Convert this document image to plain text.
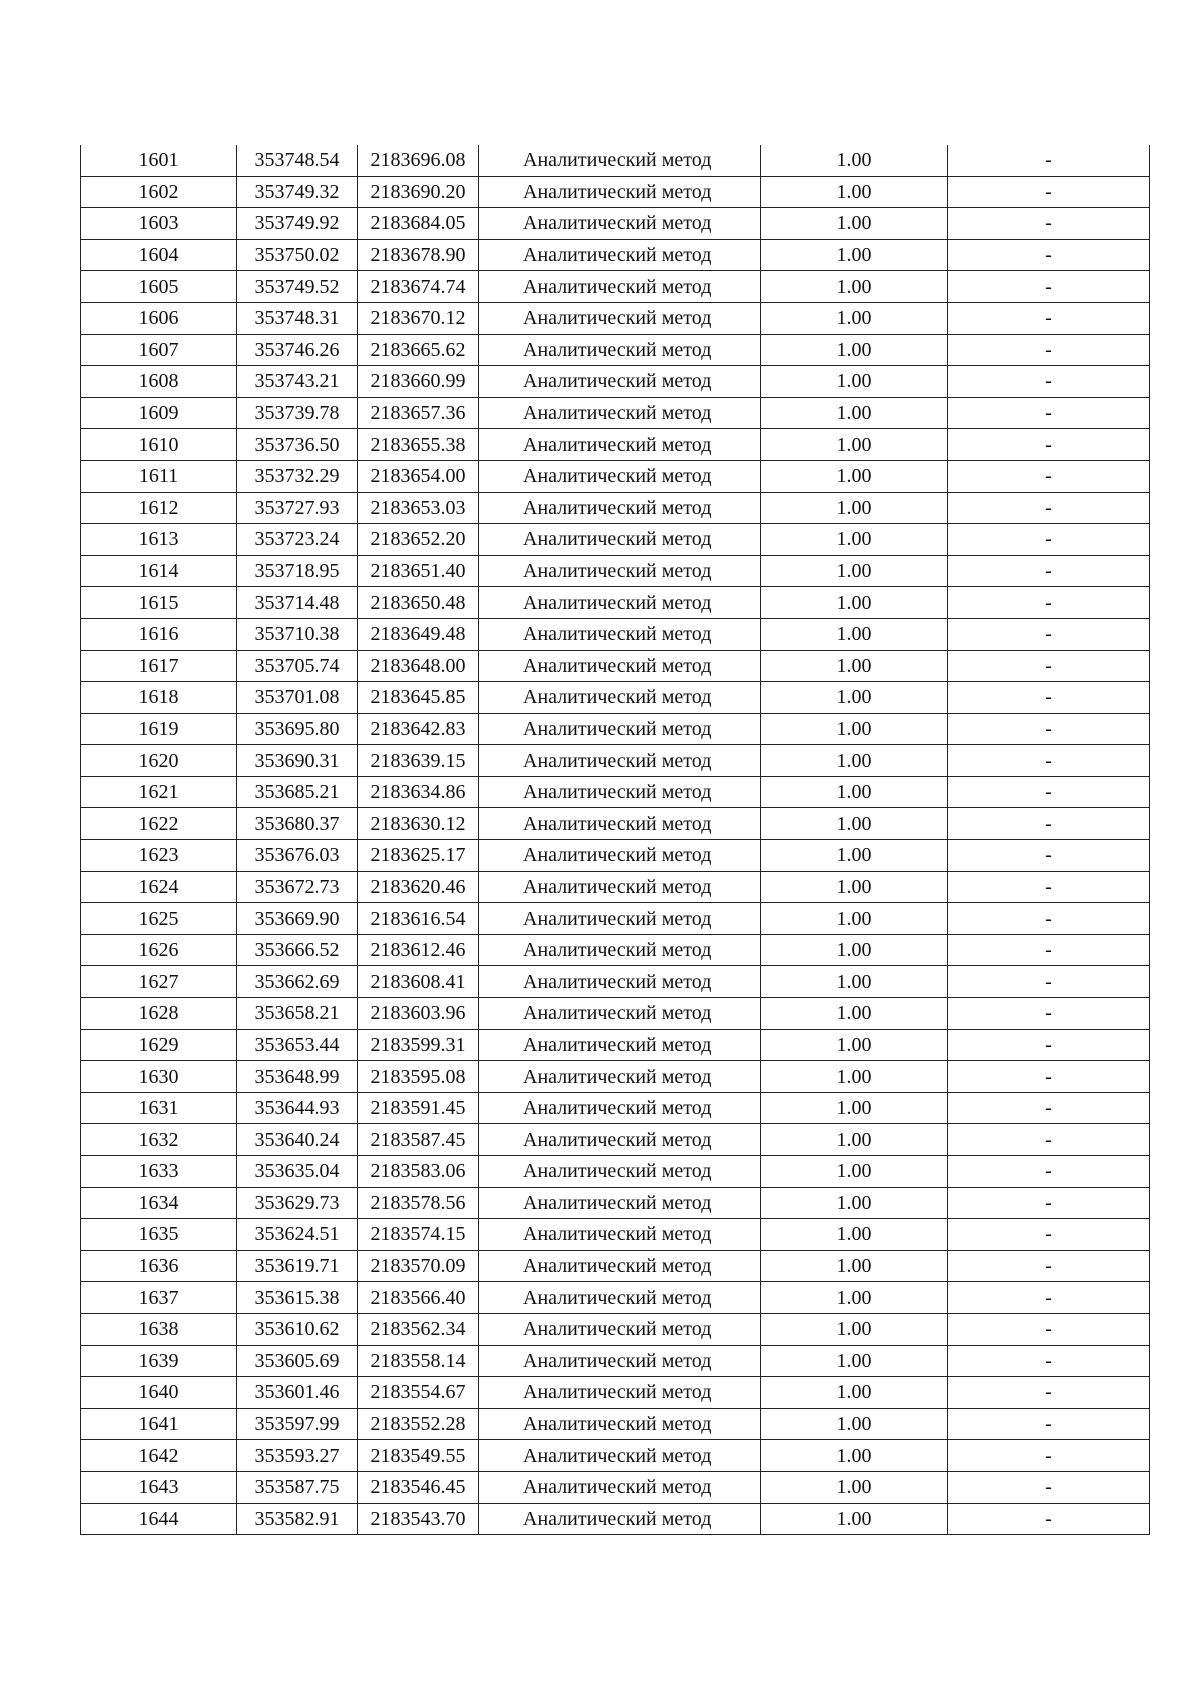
1601	353748.54	2183696.08	Аналитический метод	1.00	-
1602	353749.32	2183690.20	Аналитический метод	1.00	-
1603	353749.92	2183684.05	Аналитический метод	1.00	-
1604	353750.02	2183678.90	Аналитический метод	1.00	-
1605	353749.52	2183674.74	Аналитический метод	1.00	-
1606	353748.31	2183670.12	Аналитический метод	1.00	-
1607	353746.26	2183665.62	Аналитический метод	1.00	-
1608	353743.21	2183660.99	Аналитический метод	1.00	-
1609	353739.78	2183657.36	Аналитический метод	1.00	-
1610	353736.50	2183655.38	Аналитический метод	1.00	-
1611	353732.29	2183654.00	Аналитический метод	1.00	-
1612	353727.93	2183653.03	Аналитический метод	1.00	-
1613	353723.24	2183652.20	Аналитический метод	1.00	-
1614	353718.95	2183651.40	Аналитический метод	1.00	-
1615	353714.48	2183650.48	Аналитический метод	1.00	-
1616	353710.38	2183649.48	Аналитический метод	1.00	-
1617	353705.74	2183648.00	Аналитический метод	1.00	-
1618	353701.08	2183645.85	Аналитический метод	1.00	-
1619	353695.80	2183642.83	Аналитический метод	1.00	-
1620	353690.31	2183639.15	Аналитический метод	1.00	-
1621	353685.21	2183634.86	Аналитический метод	1.00	-
1622	353680.37	2183630.12	Аналитический метод	1.00	-
1623	353676.03	2183625.17	Аналитический метод	1.00	-
1624	353672.73	2183620.46	Аналитический метод	1.00	-
1625	353669.90	2183616.54	Аналитический метод	1.00	-
1626	353666.52	2183612.46	Аналитический метод	1.00	-
1627	353662.69	2183608.41	Аналитический метод	1.00	-
1628	353658.21	2183603.96	Аналитический метод	1.00	-
1629	353653.44	2183599.31	Аналитический метод	1.00	-
1630	353648.99	2183595.08	Аналитический метод	1.00	-
1631	353644.93	2183591.45	Аналитический метод	1.00	-
1632	353640.24	2183587.45	Аналитический метод	1.00	-
1633	353635.04	2183583.06	Аналитический метод	1.00	-
1634	353629.73	2183578.56	Аналитический метод	1.00	-
1635	353624.51	2183574.15	Аналитический метод	1.00	-
1636	353619.71	2183570.09	Аналитический метод	1.00	-
1637	353615.38	2183566.40	Аналитический метод	1.00	-
1638	353610.62	2183562.34	Аналитический метод	1.00	-
1639	353605.69	2183558.14	Аналитический метод	1.00	-
1640	353601.46	2183554.67	Аналитический метод	1.00	-
1641	353597.99	2183552.28	Аналитический метод	1.00	-
1642	353593.27	2183549.55	Аналитический метод	1.00	-
1643	353587.75	2183546.45	Аналитический метод	1.00	-
1644	353582.91	2183543.70	Аналитический метод	1.00	-
